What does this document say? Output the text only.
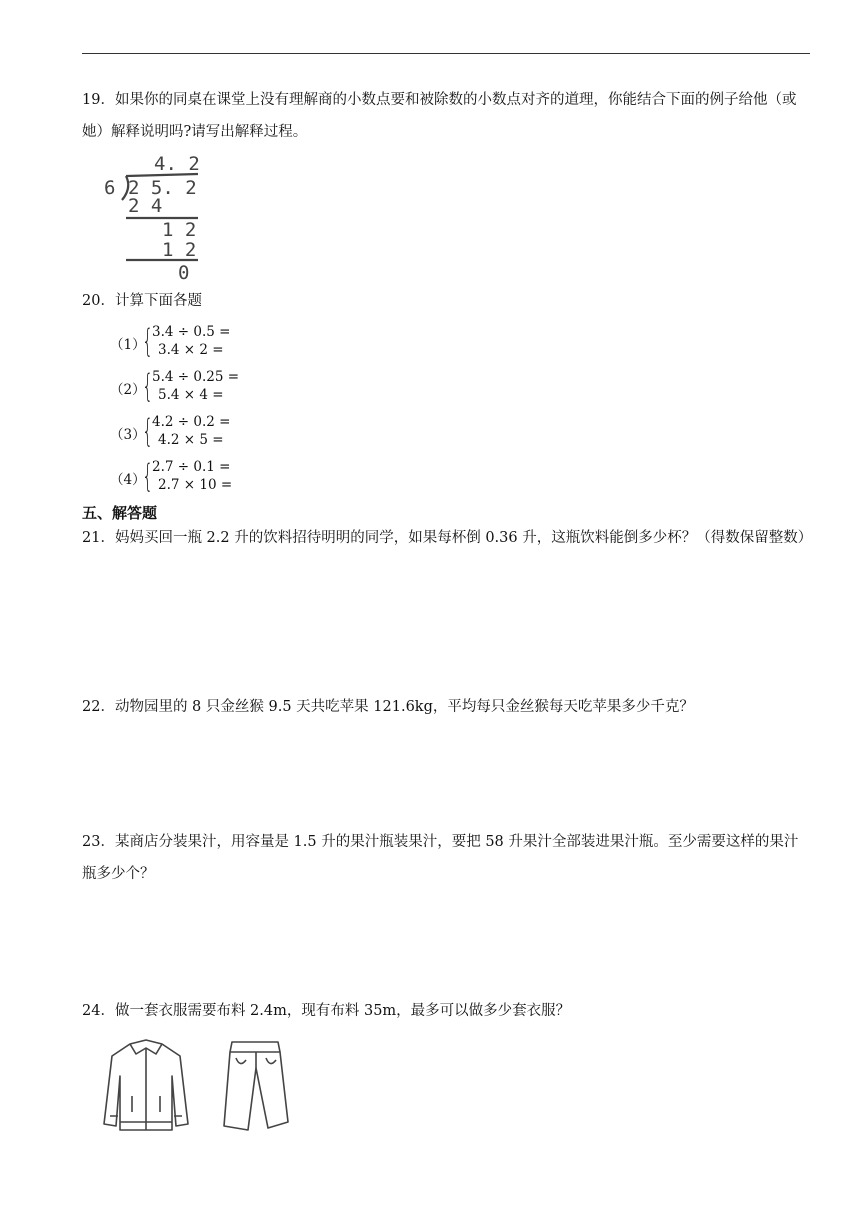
19．如果你的同桌在课堂上没有理解商的小数点要和被除数的小数点对齐的道理，你能结合下面的例子给他（或她）解释说明吗?请写出解释过程。
4. 2
6 2 5. 2
2 4
1 2
1 2
0
20．计算下面各题
（1）
{
3.4 ÷ 0.5 =
3.4 × 2 =
（2）
{
5.4 ÷ 0.25 =
5.4 × 4 =
（3）
{
4.2 ÷ 0.2 =
4.2 × 5 =
（4）
{
2.7 ÷ 0.1 =
2.7 × 10 =
五、解答题
21．妈妈买回一瓶 2.2 升的饮料招待明明的同学，如果每杯倒 0.36 升，这瓶饮料能倒多少杯？（得数保留整数）
22．动物园里的 8 只金丝猴 9.5 天共吃苹果 121.6kg，平均每只金丝猴每天吃苹果多少千克？
23．某商店分装果汁，用容量是 1.5 升的果汁瓶装果汁，要把 58 升果汁全部装进果汁瓶。至少需要这样的果汁瓶多少个？
24．做一套衣服需要布料 2.4m，现有布料 35m，最多可以做多少套衣服？
